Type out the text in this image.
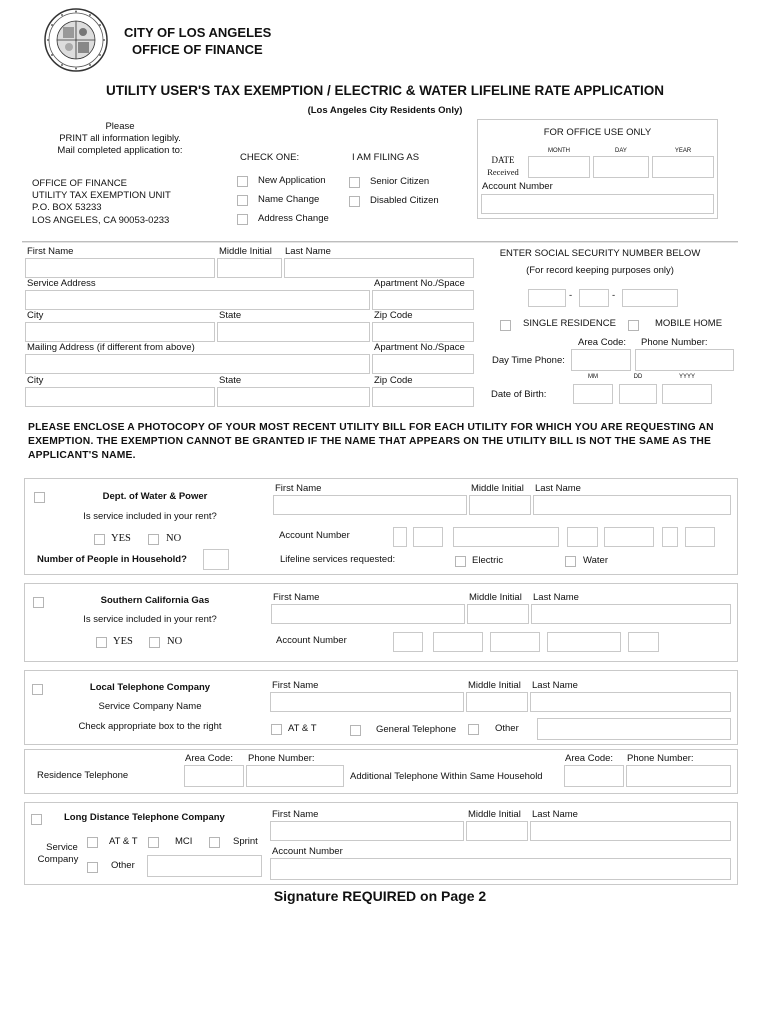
CITY OF LOS ANGELES
OFFICE OF FINANCE
UTILITY USER'S TAX EXEMPTION / ELECTRIC & WATER LIFELINE RATE APPLICATION
(Los Angeles City Residents Only)
Please
PRINT all information legibly.
Mail completed application to:
OFFICE OF FINANCE
UTILITY TAX EXEMPTION UNIT
P.O. BOX 53233
LOS ANGELES, CA 90053-0233
CHECK ONE:
New Application
Name Change
Address Change
I AM FILING AS
Senior Citizen
Disabled Citizen
FOR OFFICE USE ONLY
MONTH	DAY	YEAR
DATE
Received
Account Number
First Name	Middle Initial Last Name
Service Address	Apartment No./Space
City	State	Zip Code
Mailing Address (if different from above)	Apartment No./Space
City	State	Zip Code
ENTER SOCIAL SECURITY NUMBER BELOW
(For record keeping purposes only)
-	-
SINGLE RESIDENCE	MOBILE HOME
Area Code: Phone Number:
Day Time Phone:
MM	DD	YYYY
Date of Birth:
PLEASE ENCLOSE A PHOTOCOPY OF YOUR MOST RECENT UTILITY BILL FOR EACH UTILITY FOR WHICH YOU ARE REQUESTING AN EXEMPTION. THE EXEMPTION CANNOT BE GRANTED IF THE NAME THAT APPEARS ON THE UTILITY BILL IS NOT THE SAME AS THE APPLICANT'S NAME.
Dept. of Water & Power
Is service included in your rent?
YES	NO
Number of People in Household?
First Name	Middle Initial Last Name
Account Number
Lifeline services requested:	Electric	Water
Southern California Gas
Is service included in your rent?
YES	NO
First Name	Middle Initial Last Name
Account Number
Local Telephone Company
Service Company Name
Check appropriate box to the right
First Name	Middle Initial Last Name
AT & T	General Telephone	Other
Area Code: Phone Number:
Residence Telephone	Additional Telephone Within Same Household
Area Code: Phone Number:
Long Distance Telephone Company
Service
Company
AT & T	MCI	Sprint
Other
First Name	Middle Initial Last Name
Account Number
Signature REQUIRED on Page 2
